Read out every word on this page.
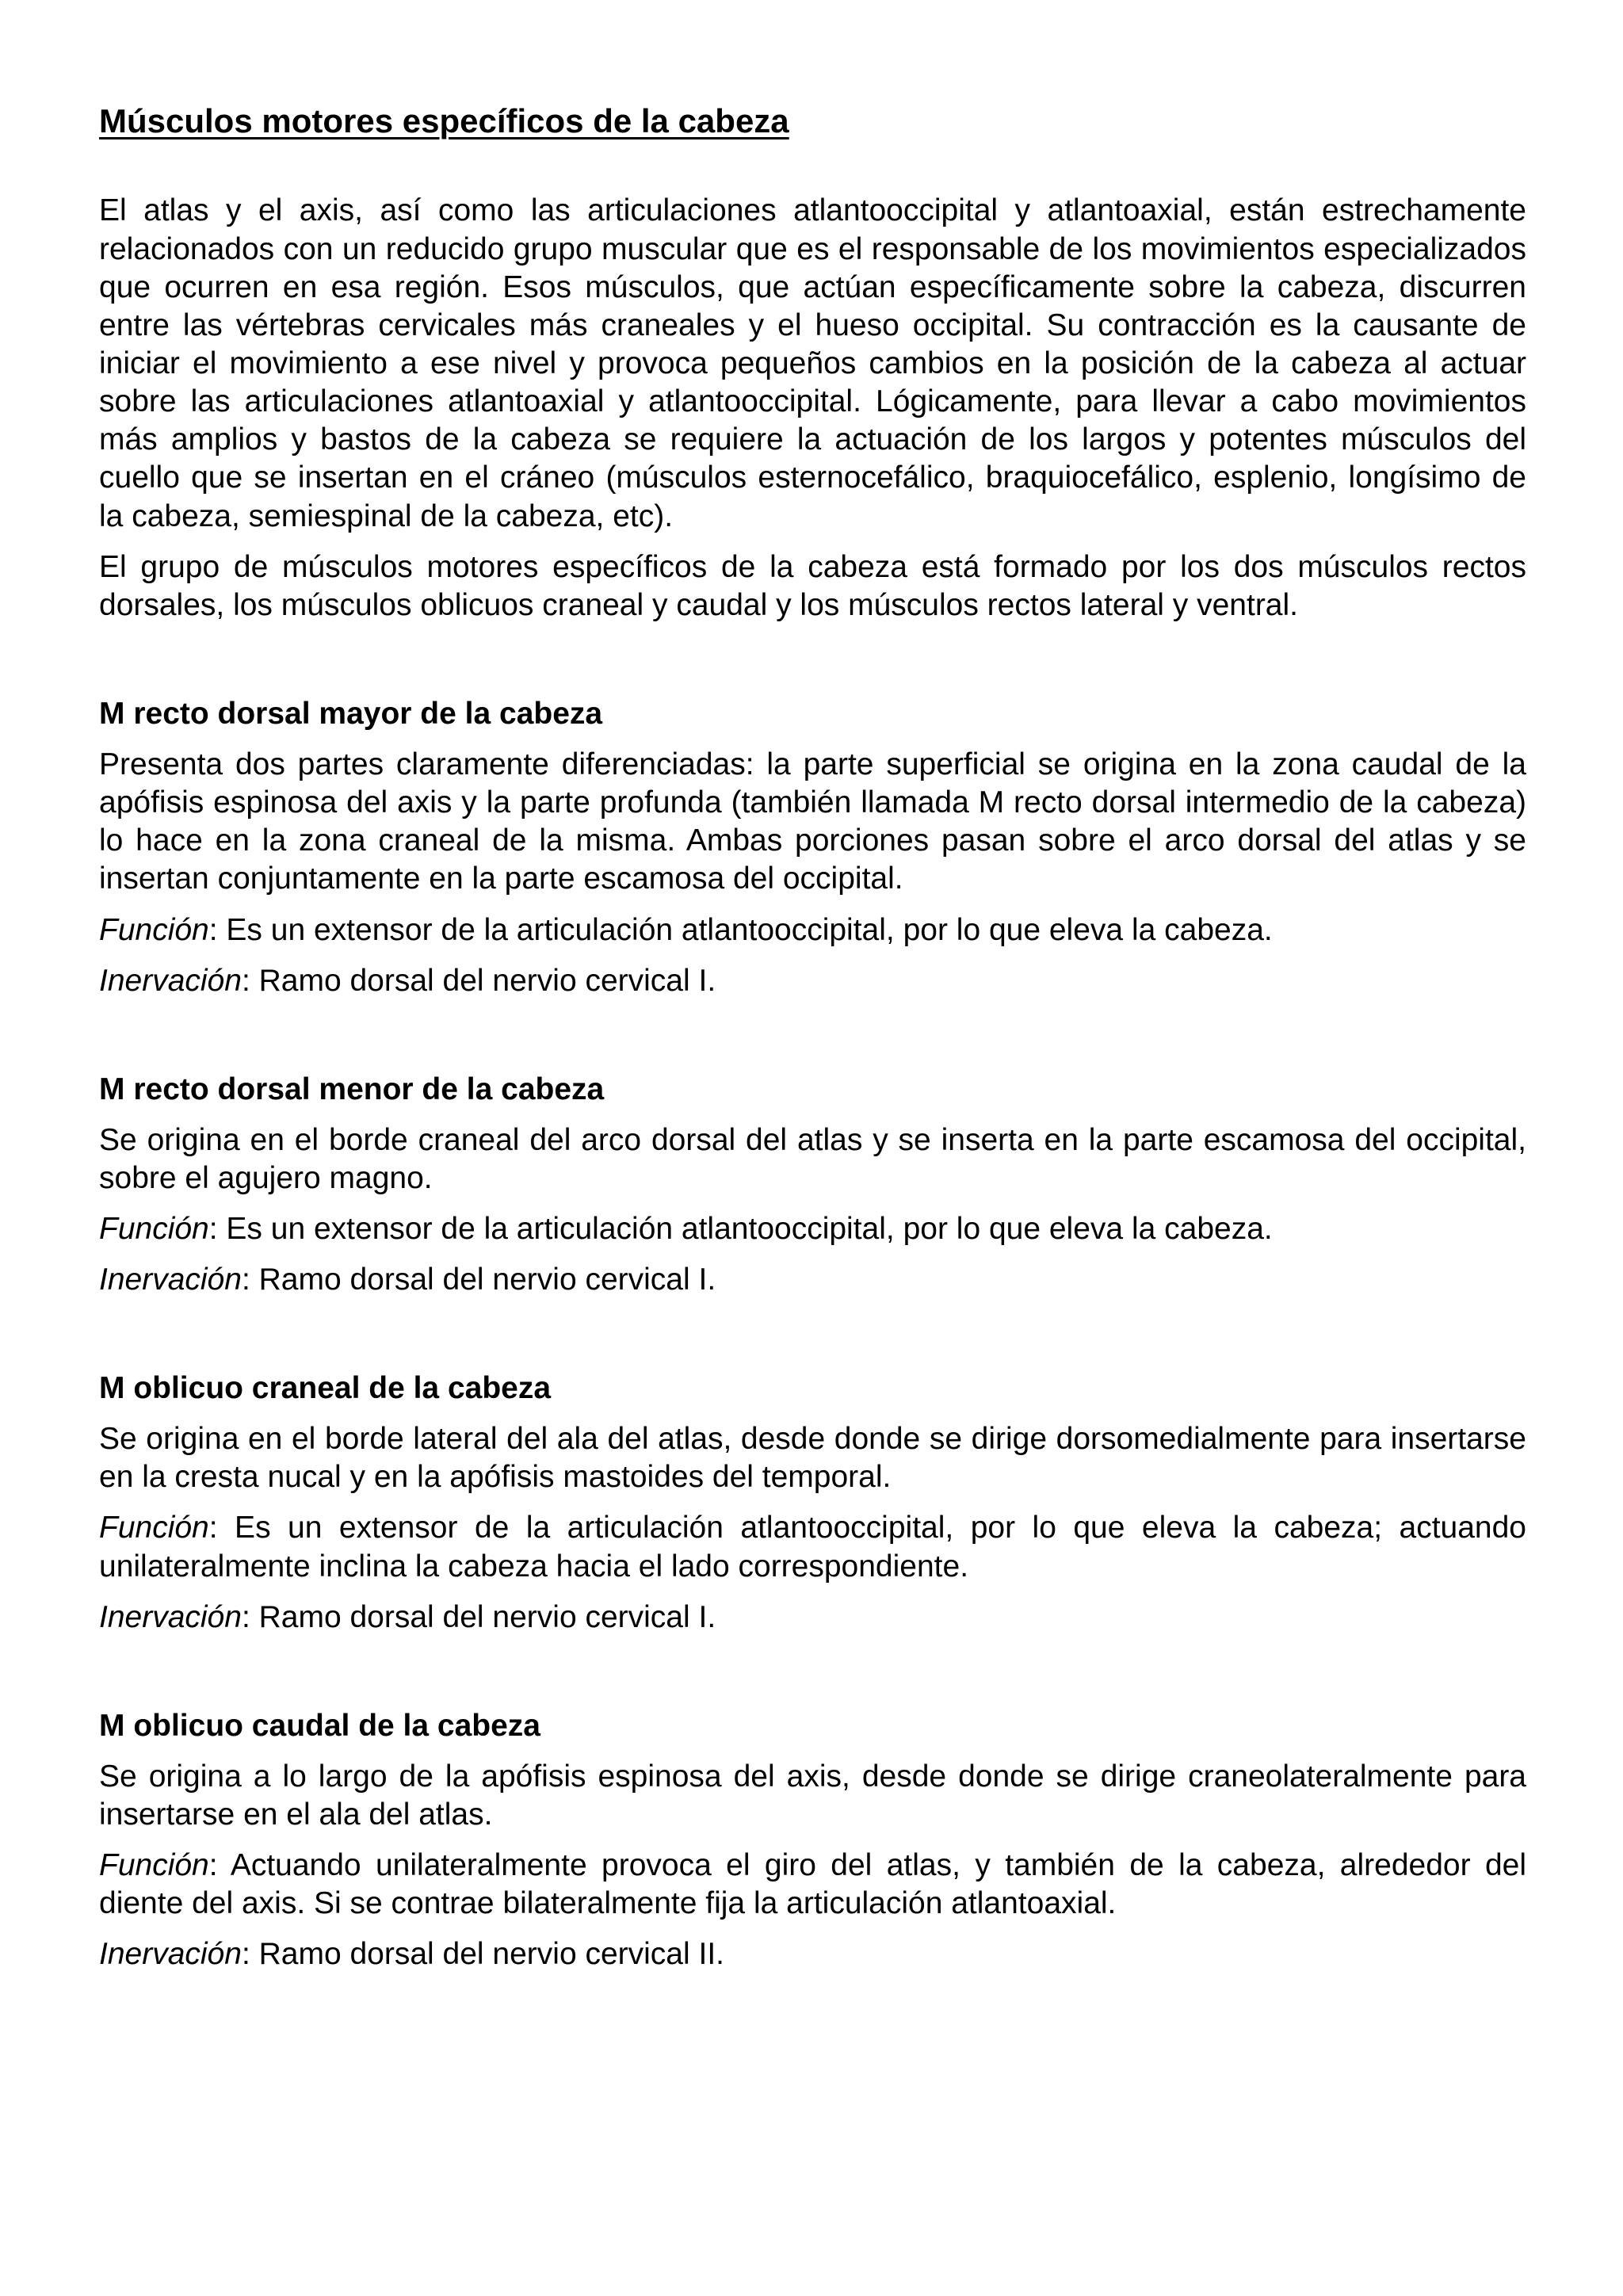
Músculos motores específicos de la cabeza

El atlas y el axis, así como las articulaciones atlantooccipital y atlantoaxial, están estrechamente relacionados con un reducido grupo muscular que es el responsable de los movimientos especializados que ocurren en esa región. Esos músculos, que actúan específicamente sobre la cabeza, discurren entre las vértebras cervicales más craneales y el hueso occipital. Su contracción es la causante de iniciar el movimiento a ese nivel y provoca pequeños cambios en la posición de la cabeza al actuar sobre las articulaciones atlantoaxial y atlantooccipital. Lógicamente, para llevar a cabo movimientos más amplios y bastos de la cabeza se requiere la actuación de los largos y potentes músculos del cuello que se insertan en el cráneo (músculos esternocefálico, braquiocefálico, esplenio, longísimo de la cabeza, semiespinal de la cabeza, etc).

El grupo de músculos motores específicos de la cabeza está formado por los dos músculos rectos dorsales, los músculos oblicuos craneal y caudal y los músculos rectos lateral y ventral.

M recto dorsal mayor de la cabeza

Presenta dos partes claramente diferenciadas: la parte superficial se origina en la zona caudal de la apófisis espinosa del axis y la parte profunda (también llamada M recto dorsal intermedio de la cabeza) lo hace en la zona craneal de la misma. Ambas porciones pasan sobre el arco dorsal del atlas y se insertan conjuntamente en la parte escamosa del occipital.

Función: Es un extensor de la articulación atlantooccipital, por lo que eleva la cabeza.

Inervación: Ramo dorsal del nervio cervical I.

M recto dorsal menor de la cabeza

Se origina en el borde craneal del arco dorsal del atlas y se inserta en la parte escamosa del occipital, sobre el agujero magno.

Función: Es un extensor de la articulación atlantooccipital, por lo que eleva la cabeza.

Inervación: Ramo dorsal del nervio cervical I.

M oblicuo craneal de la cabeza

Se origina en el borde lateral del ala del atlas, desde donde se dirige dorsomedialmente para insertarse en la cresta nucal y en la apófisis mastoides del temporal.

Función: Es un extensor de la articulación atlantooccipital, por lo que eleva la cabeza; actuando unilateralmente inclina la cabeza hacia el lado correspondiente.

Inervación: Ramo dorsal del nervio cervical I.

M oblicuo caudal de la cabeza

Se origina a lo largo de la apófisis espinosa del axis, desde donde se dirige craneolateralmente para insertarse en el ala del atlas.

Función: Actuando unilateralmente provoca el giro del atlas, y también de la cabeza, alrededor del diente del axis. Si se contrae bilateralmente fija la articulación atlantoaxial.

Inervación: Ramo dorsal del nervio cervical II.
